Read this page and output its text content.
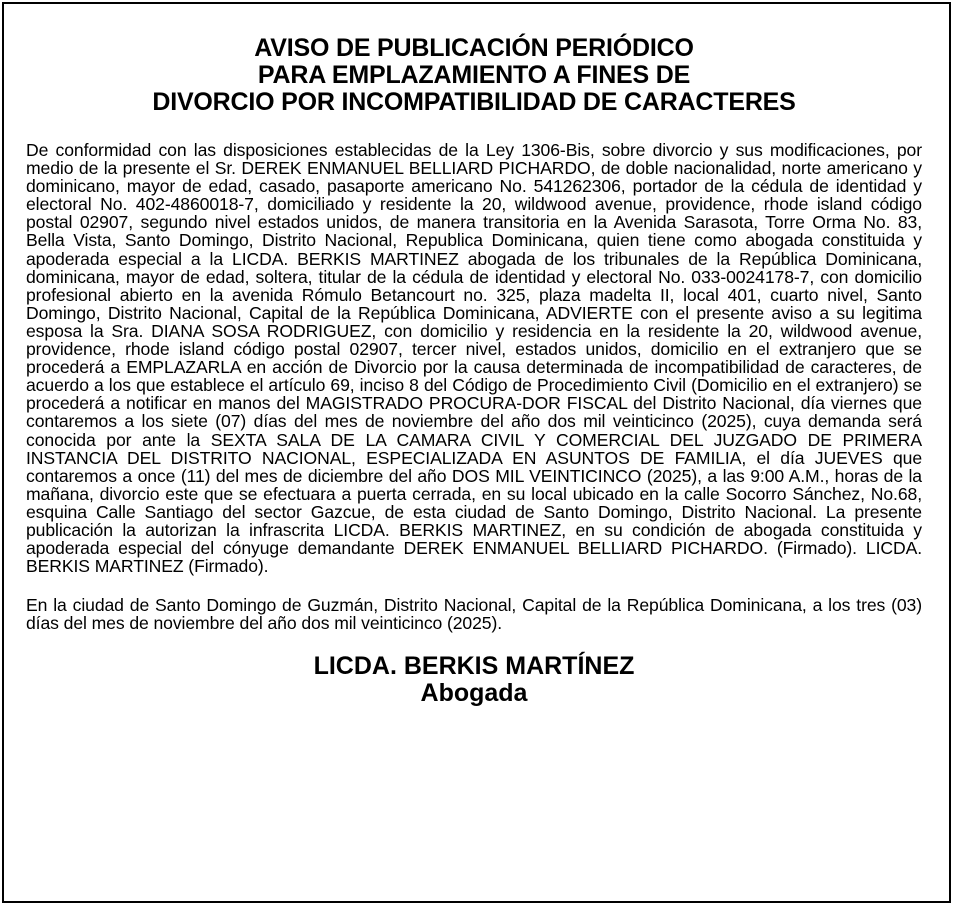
AVISO DE PUBLICACIÓN PERIÓDICO
PARA EMPLAZAMIENTO A FINES DE
DIVORCIO POR INCOMPATIBILIDAD DE CARACTERES

De conformidad con las disposiciones establecidas de la Ley 1306-Bis, sobre divorcio y sus modificaciones, por medio de la presente el Sr. DEREK ENMANUEL BELLIARD PICHARDO, de doble nacionalidad, norte americano y dominicano, mayor de edad, casado, pasaporte americano No. 541262306, portador de la cédula de identidad y electoral No. 402-4860018-7, domiciliado y residente la 20, wildwood avenue, providence, rhode island código postal 02907, segundo nivel estados unidos, de manera transitoria en la Avenida Sarasota, Torre Orma No. 83, Bella Vista, Santo Domingo, Distrito Nacional, Republica Dominicana, quien tiene como abogada constituida y apoderada especial a la LICDA. BERKIS MARTINEZ abogada de los tribunales de la República Dominicana, dominicana, mayor de edad, soltera, titular de la cédula de identidad y electoral No. 033-0024178-7, con domicilio profesional abierto en la avenida Rómulo Betancourt no. 325, plaza madelta II, local 401, cuarto nivel, Santo Domingo, Distrito Nacional, Capital de la República Dominicana, ADVIERTE con el presente aviso a su legitima esposa la Sra. DIANA SOSA RODRIGUEZ, con domicilio y residencia en la residente la 20, wildwood avenue, providence, rhode island código postal 02907, tercer nivel, estados unidos, domicilio en el extranjero que se procederá a EMPLAZARLA en acción de Divorcio por la causa determinada de incompatibilidad de caracteres, de acuerdo a los que establece el artículo 69, inciso 8 del Código de Procedimiento Civil (Domicilio en el extranjero) se procederá a notificar en manos del MAGISTRADO PROCURA-DOR FISCAL del Distrito Nacional, día viernes que contaremos a los siete (07) días del mes de noviembre del año dos mil veinticinco (2025), cuya demanda será conocida por ante la SEXTA SALA DE LA CAMARA CIVIL Y COMERCIAL DEL JUZGADO DE PRIMERA INSTANCIA DEL DISTRITO NACIONAL, ESPECIALIZADA EN ASUNTOS DE FAMILIA, el día JUEVES que contaremos a once (11) del mes de diciembre del año DOS MIL VEINTICINCO (2025), a las 9:00 A.M., horas de la mañana, divorcio este que se efectuara a puerta cerrada, en su local ubicado en la calle Socorro Sánchez, No.68, esquina Calle Santiago del sector Gazcue, de esta ciudad de Santo Domingo, Distrito Nacional. La presente publicación la autorizan la infrascrita LICDA. BERKIS MARTINEZ, en su condición de abogada constituida y apoderada especial del cónyuge demandante DEREK ENMANUEL BELLIARD PICHARDO. (Firmado). LICDA. BERKIS MARTINEZ (Firmado).

En la ciudad de Santo Domingo de Guzmán, Distrito Nacional, Capital de la República Dominicana, a los tres (03) días del mes de noviembre del año dos mil veinticinco (2025).

LICDA. BERKIS MARTÍNEZ
Abogada
